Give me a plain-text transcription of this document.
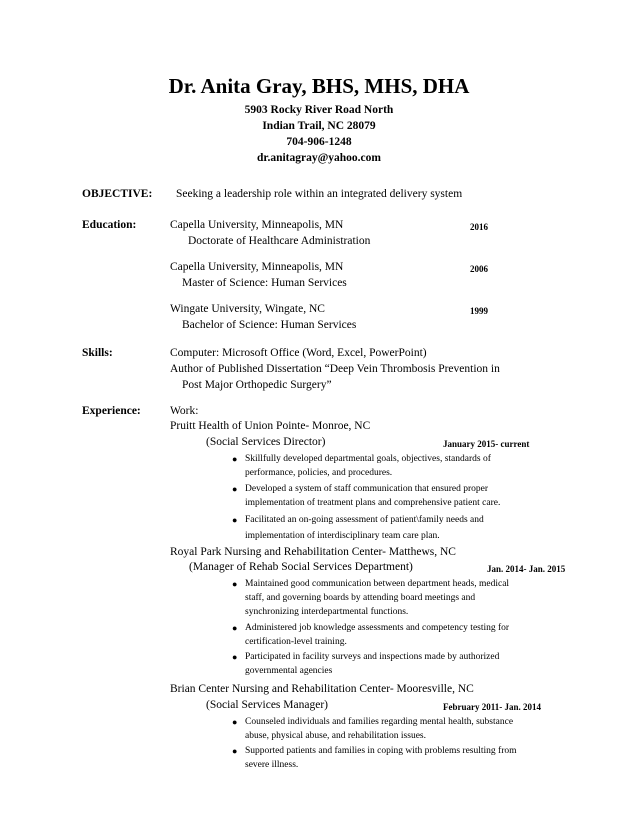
Dr. Anita Gray, BHS, MHS, DHA
5903 Rocky River Road North
Indian Trail, NC 28079
704-906-1248
dr.anitagray@yahoo.com
OBJECTIVE: Seeking a leadership role within an integrated delivery system
Education:	Capella University, Minneapolis, MN	2016
Doctorate of Healthcare Administration
Capella University, Minneapolis, MN	2006
Master of Science: Human Services
Wingate University, Wingate, NC	1999
Bachelor of Science: Human Services
Skills:	Computer: Microsoft Office (Word, Excel, PowerPoint)
Author of Published Dissertation “Deep Vein Thrombosis Prevention in
Post Major Orthopedic Surgery”
Experience:	Work:
Pruitt Health of Union Pointe- Monroe, NC
(Social Services Director)	January 2015- current
● Skillfully developed departmental goals, objectives, standards of
performance, policies, and procedures.
● Developed a system of staff communication that ensured proper
implementation of treatment plans and comprehensive patient care.
● Facilitated an on-going assessment of patient\family needs and
implementation of interdisciplinary team care plan.
Royal Park Nursing and Rehabilitation Center- Matthews, NC
(Manager of Rehab Social Services Department)	Jan. 2014- Jan. 2015
● Maintained good communication between department heads, medical
staff, and governing boards by attending board meetings and
synchronizing interdepartmental functions.
● Administered job knowledge assessments and competency testing for
certification-level training.
● Participated in facility surveys and inspections made by authorized
governmental agencies
Brian Center Nursing and Rehabilitation Center- Mooresville, NC
(Social Services Manager)	February 2011- Jan. 2014
● Counseled individuals and families regarding mental health, substance
abuse, physical abuse, and rehabilitation issues.
● Supported patients and families in coping with problems resulting from
severe illness.
